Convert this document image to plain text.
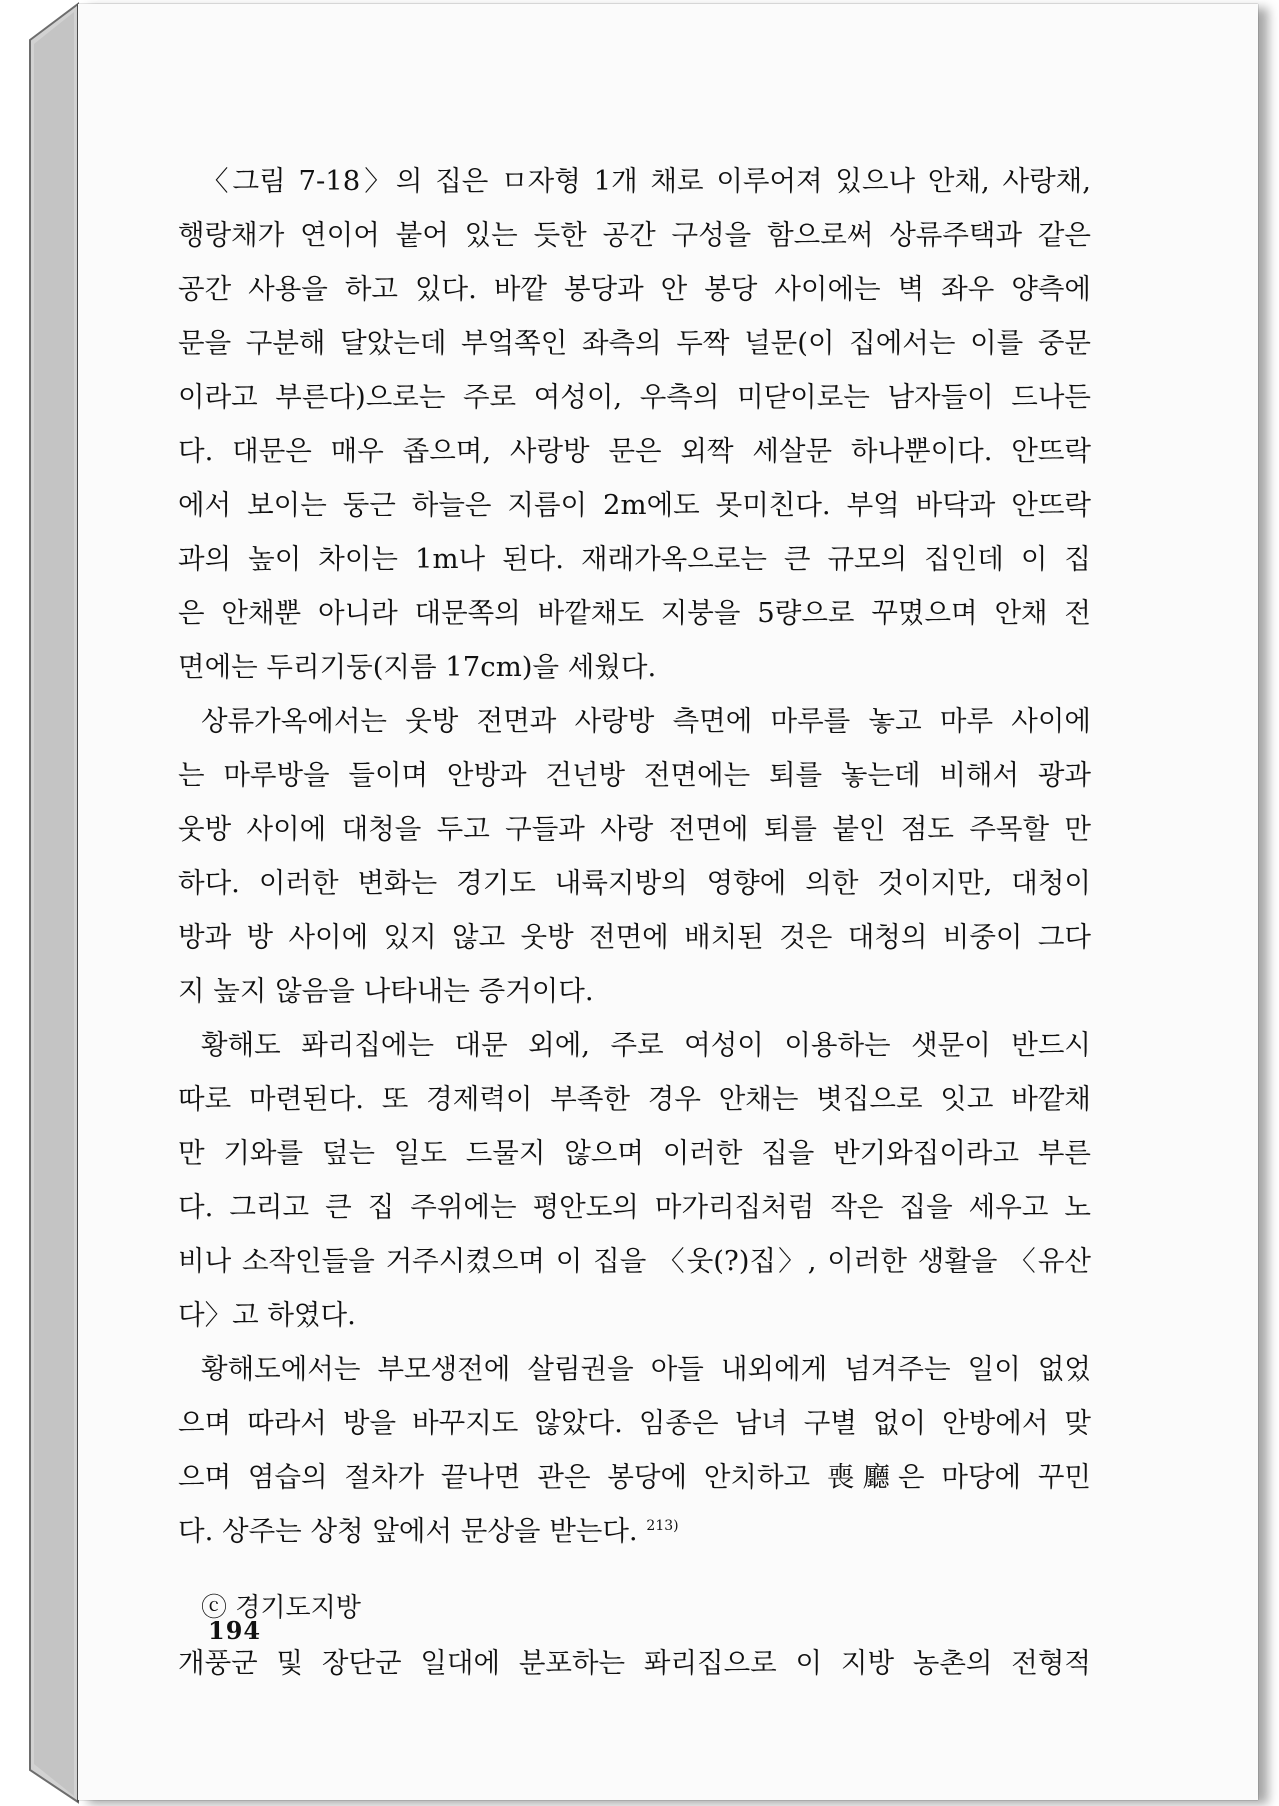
〈그림 7-18〉의 집은 ㅁ자형 1개 채로 이루어져 있으나 안채, 사랑채,
행랑채가 연이어 붙어 있는 듯한 공간 구성을 함으로써 상류주택과 같은
공간 사용을 하고 있다. 바깥 봉당과 안 봉당 사이에는 벽 좌우 양측에
문을 구분해 달았는데 부엌쪽인 좌측의 두짝 널문(이 집에서는 이를 중문
이라고 부른다)으로는 주로 여성이, 우측의 미닫이로는 남자들이 드나든
다. 대문은 매우 좁으며, 사랑방 문은 외짝 세살문 하나뿐이다. 안뜨락
에서 보이는 둥근 하늘은 지름이 2m에도 못미친다. 부엌 바닥과 안뜨락
과의 높이 차이는 1m나 된다. 재래가옥으로는 큰 규모의 집인데 이 집
은 안채뿐 아니라 대문쪽의 바깥채도 지붕을 5량으로 꾸몄으며 안채 전
면에는 두리기둥(지름 17cm)을 세웠다.

상류가옥에서는 웃방 전면과 사랑방 측면에 마루를 놓고 마루 사이에
는 마루방을 들이며 안방과 건넌방 전면에는 퇴를 놓는데 비해서 광과
웃방 사이에 대청을 두고 구들과 사랑 전면에 퇴를 붙인 점도 주목할 만
하다. 이러한 변화는 경기도 내륙지방의 영향에 의한 것이지만, 대청이
방과 방 사이에 있지 않고 웃방 전면에 배치된 것은 대청의 비중이 그다
지 높지 않음을 나타내는 증거이다.

황해도 퐈리집에는 대문 외에, 주로 여성이 이용하는 샛문이 반드시
따로 마련된다. 또 경제력이 부족한 경우 안채는 볏집으로 잇고 바깥채
만 기와를 덮는 일도 드물지 않으며 이러한 집을 반기와집이라고 부른
다. 그리고 큰 집 주위에는 평안도의 마가리집처럼 작은 집을 세우고 노
비나 소작인들을 거주시켰으며 이 집을 〈웃(?)집〉, 이러한 생활을 〈유산
다〉고 하였다.

황해도에서는 부모생전에 살림권을 아들 내외에게 넘겨주는 일이 없었
으며 따라서 방을 바꾸지도 않았다. 임종은 남녀 구별 없이 안방에서 맞
으며 염습의 절차가 끝나면 관은 봉당에 안치하고 喪廳은 마당에 꾸민
다. 상주는 상청 앞에서 문상을 받는다. $^{213)}$

ⓒ 경기도지방

개풍군 및 장단군 일대에 분포하는 퐈리집으로 이 지방 농촌의 전형적

194
